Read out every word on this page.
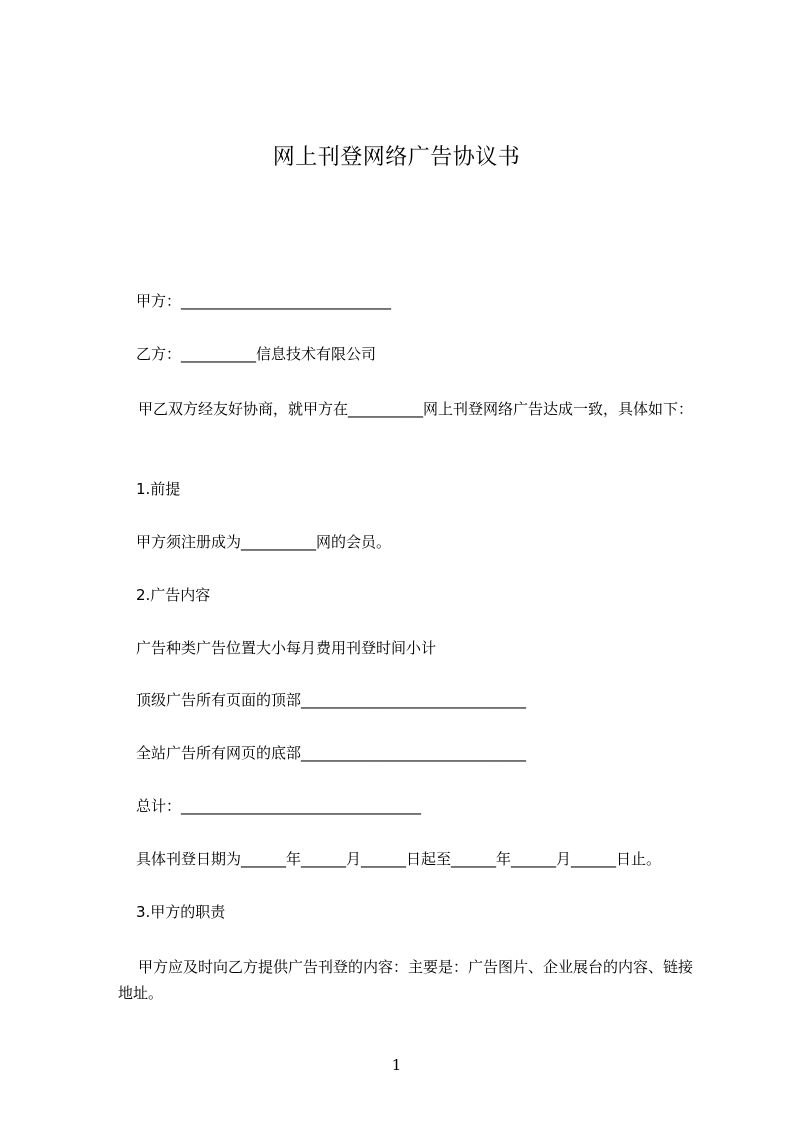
网上刊登网络广告协议书
甲方：____________________________
乙方：__________信息技术有限公司
甲乙双方经友好协商，就甲方在__________网上刊登网络广告达成一致，具体如下：
1.前提
甲方须注册成为__________网的会员。
2.广告内容
广告种类广告位置大小每月费用刊登时间小计
顶级广告所有页面的顶部______________________________
全站广告所有网页的底部______________________________
总计：________________________________
具体刊登日期为______年______月______日起至______年______月______日止。
3.甲方的职责
甲方应及时向乙方提供广告刊登的内容：主要是：广告图片、企业展台的内容、链接地址。
1
